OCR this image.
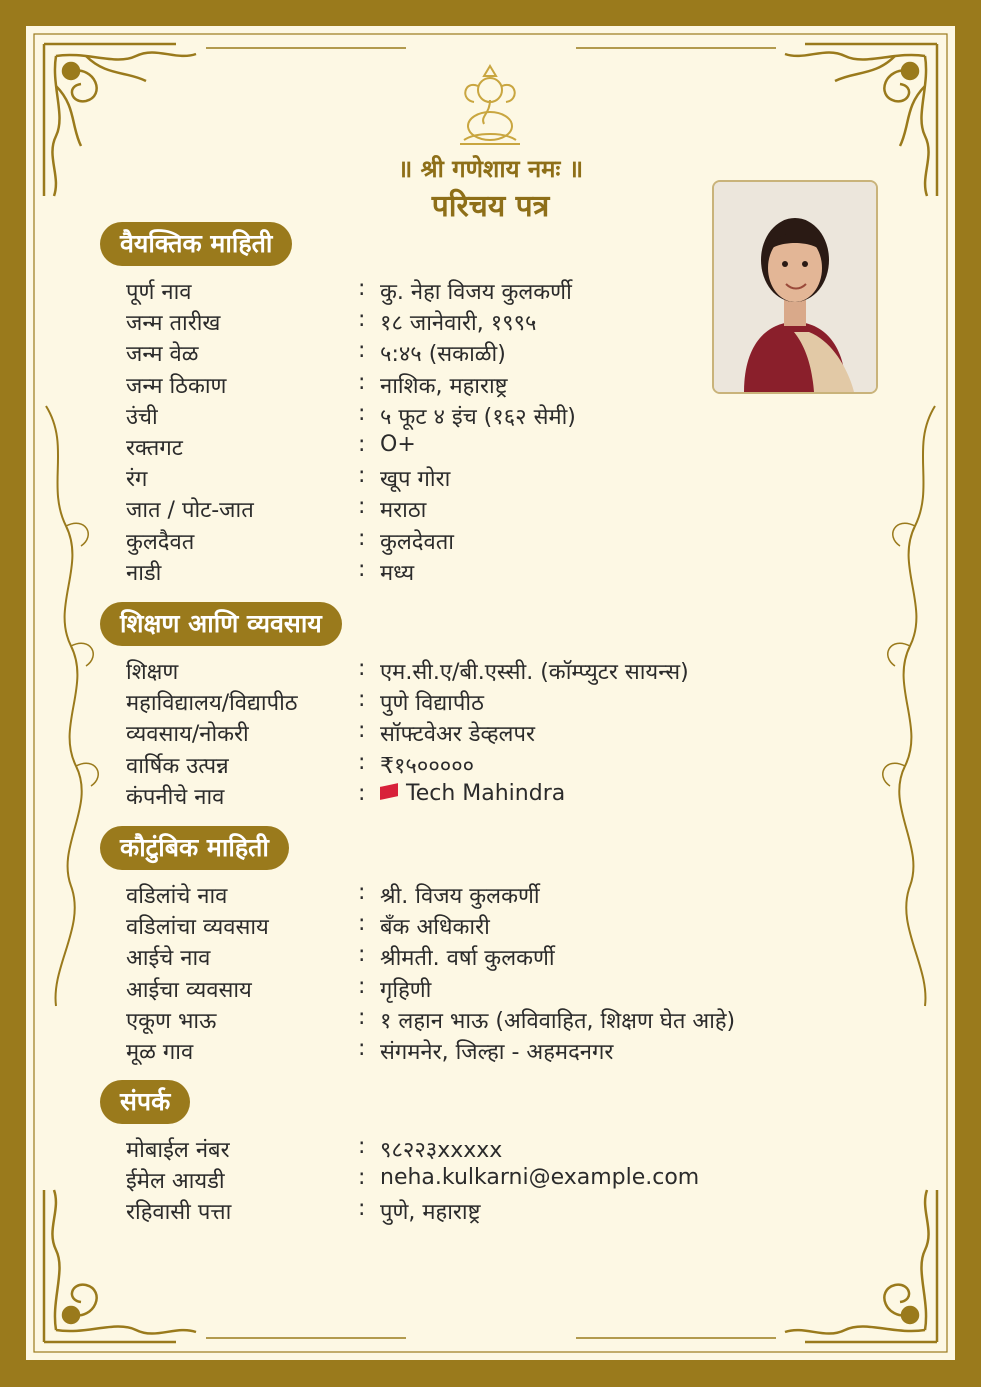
॥ श्री गणेशाय नमः ॥
परिचय पत्र
वैयक्तिक माहिती
पूर्ण नाव	: कु. नेहा विजय कुलकर्णी
जन्म तारीख	: १८ जानेवारी, १९९५
जन्म वेळ	: ५:४५ (सकाळी)
जन्म ठिकाण	: नाशिक, महाराष्ट्र
उंची	: ५ फूट ४ इंच (१६२ सेमी)
रक्तगट	: O+
रंग	: खूप गोरा
जात / पोट-जात	: मराठा
कुलदैवत	: कुलदेवता
नाडी	: मध्य
शिक्षण आणि व्यवसाय
शिक्षण	: एम.सी.ए/बी.एस्सी. (कॉम्प्युटर सायन्स)
महाविद्यालय/विद्यापीठ	: पुणे विद्यापीठ
व्यवसाय/नोकरी	: सॉफ्टवेअर डेव्हलपर
वार्षिक उत्पन्न	: ₹१५०००००
कंपनीचे नाव	:	Tech Mahindra
कौटुंबिक माहिती
वडिलांचे नाव	: श्री. विजय कुलकर्णी
वडिलांचा व्यवसाय	: बँक अधिकारी
आईचे नाव	: श्रीमती. वर्षा कुलकर्णी
आईचा व्यवसाय	: गृहिणी
एकूण भाऊ	: १ लहान भाऊ (अविवाहित, शिक्षण घेत आहे)
मूळ गाव	: संगमनेर, जिल्हा - अहमदनगर
संपर्क
मोबाईल नंबर	: ९८२२३xxxxx
ईमेल आयडी	: neha.kulkarni@example.com
रहिवासी पत्ता	: पुणे, महाराष्ट्र
